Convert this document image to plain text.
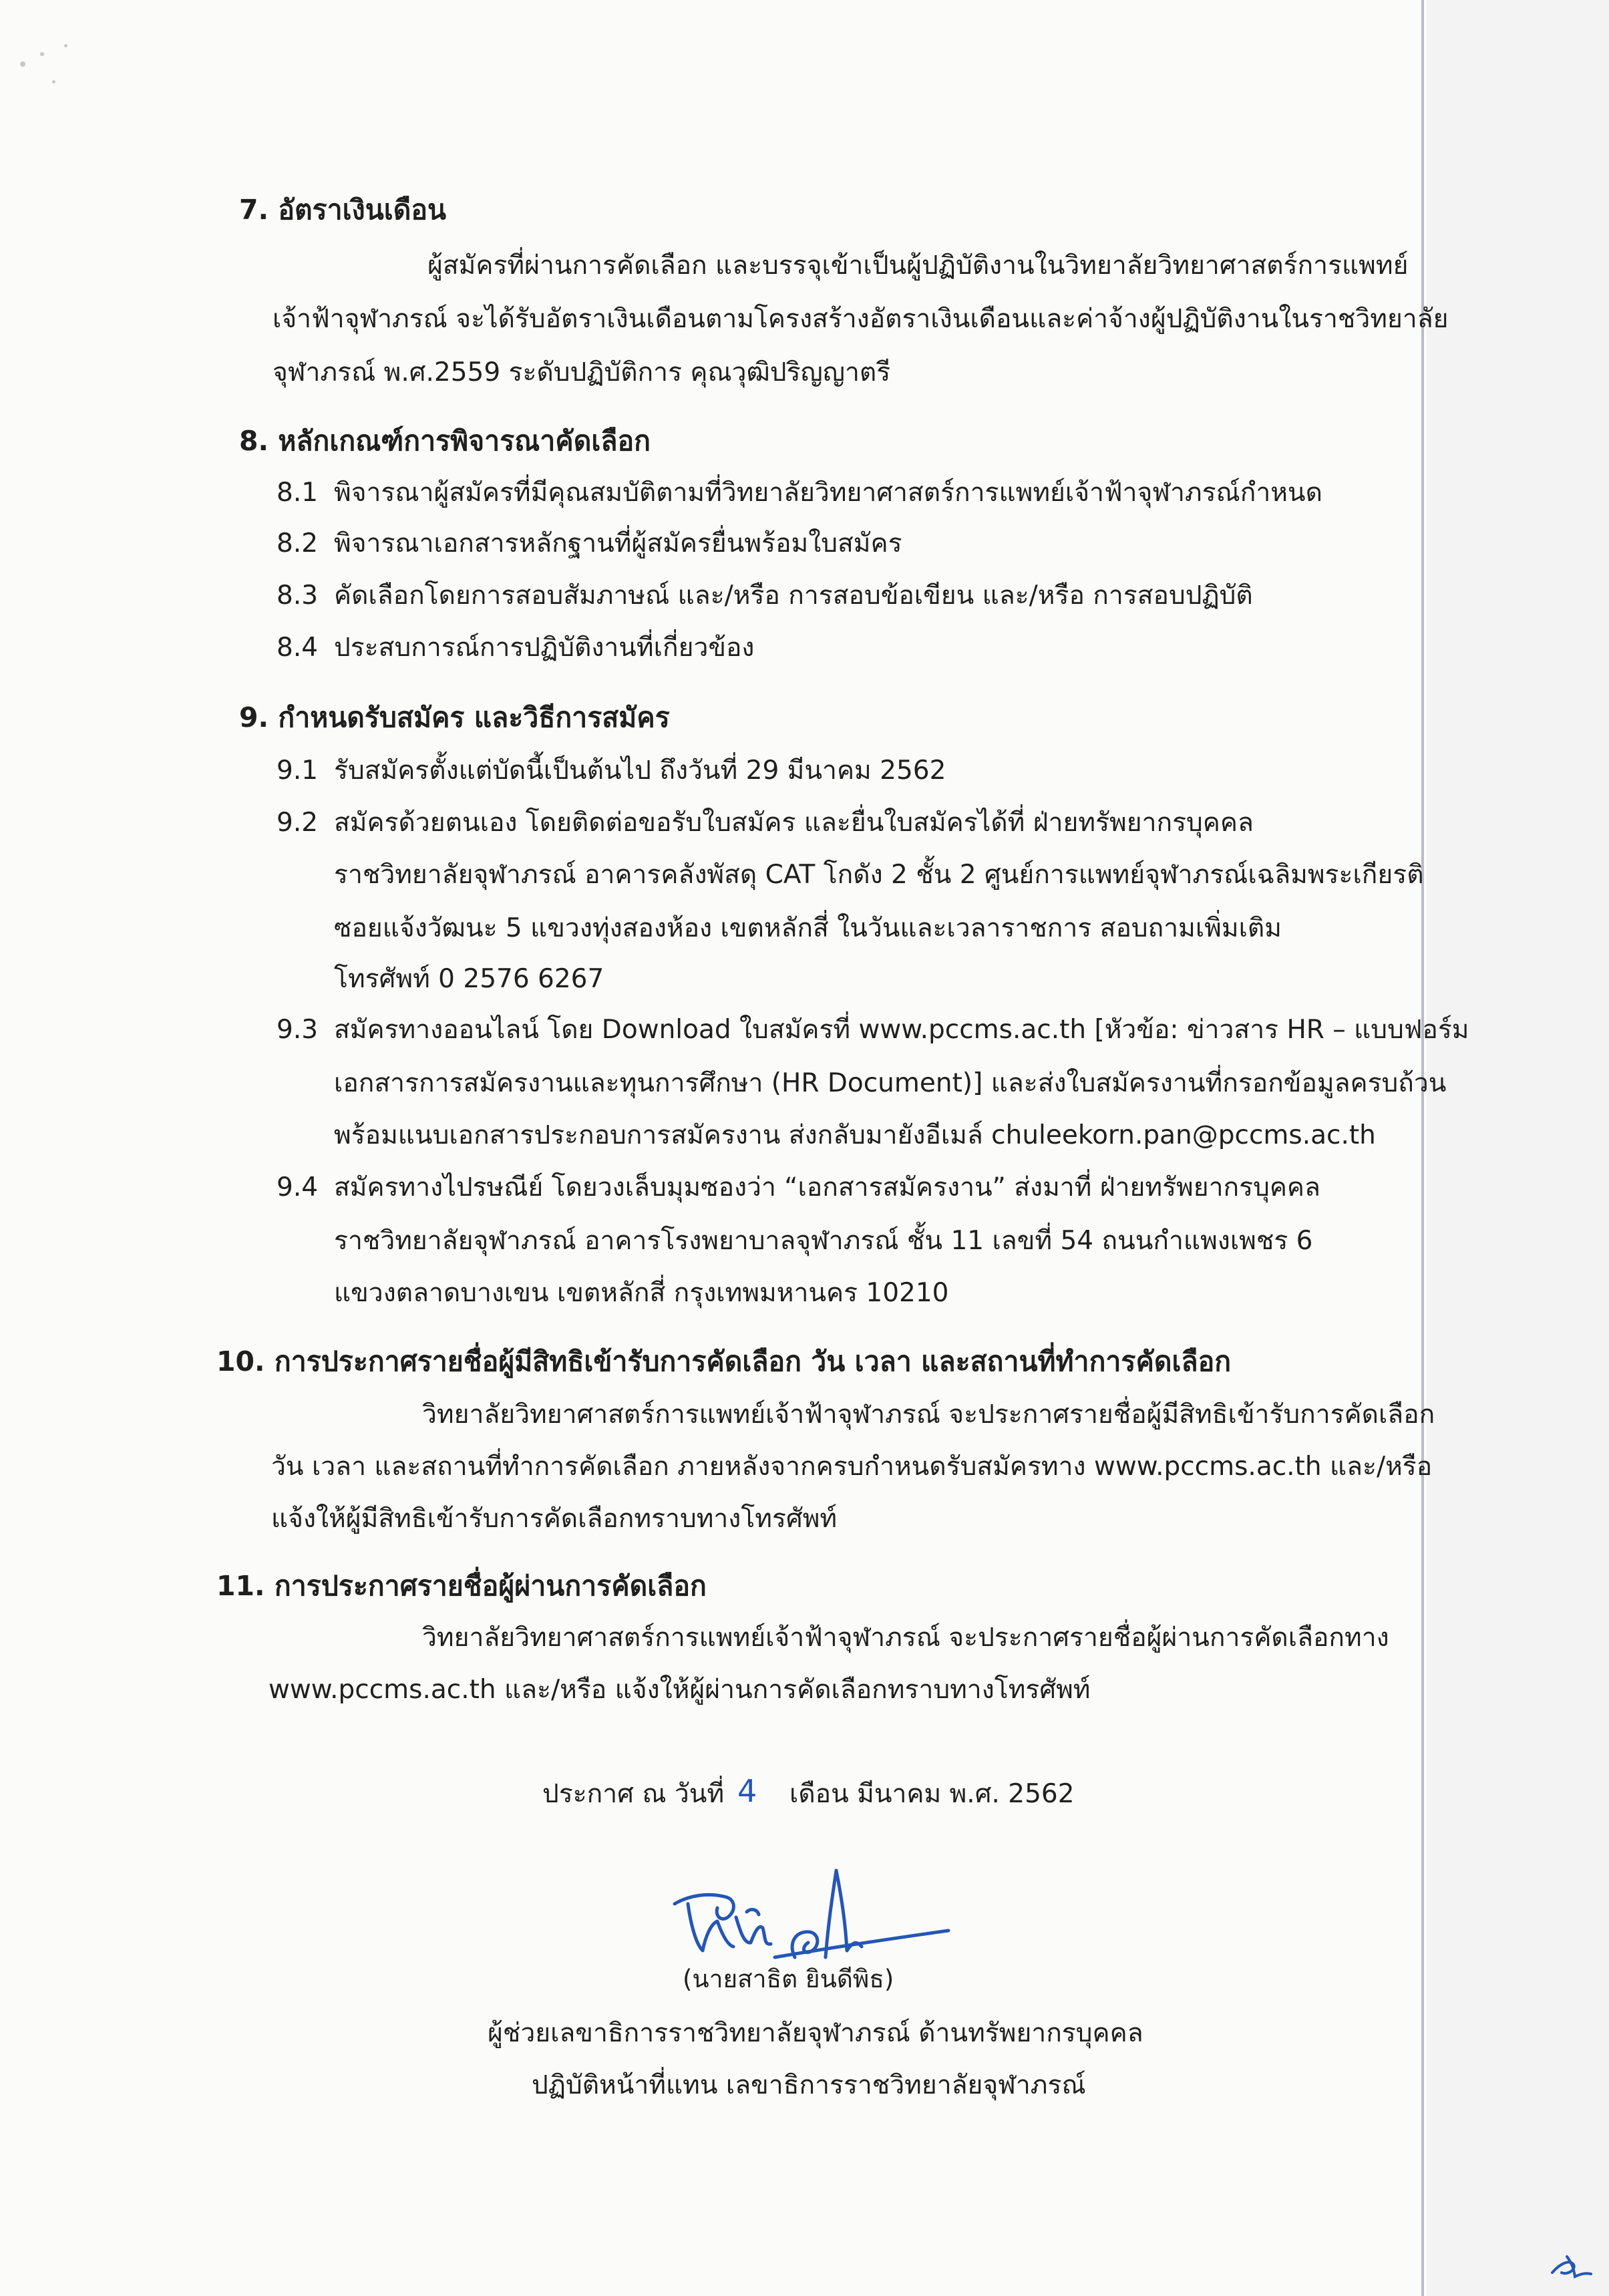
7. อัตราเงินเดือน
ผู้สมัครที่ผ่านการคัดเลือก และบรรจุเข้าเป็นผู้ปฏิบัติงานในวิทยาลัยวิทยาศาสตร์การแพทย์
เจ้าฟ้าจุฬาภรณ์ จะได้รับอัตราเงินเดือนตามโครงสร้างอัตราเงินเดือนและค่าจ้างผู้ปฏิบัติงานในราชวิทยาลัย
จุฬาภรณ์ พ.ศ.2559 ระดับปฏิบัติการ คุณวุฒิปริญญาตรี
8. หลักเกณฑ์การพิจารณาคัดเลือก
8.1 พิจารณาผู้สมัครที่มีคุณสมบัติตามที่วิทยาลัยวิทยาศาสตร์การแพทย์เจ้าฟ้าจุฬาภรณ์กำหนด
8.2 พิจารณาเอกสารหลักฐานที่ผู้สมัครยื่นพร้อมใบสมัคร
8.3 คัดเลือกโดยการสอบสัมภาษณ์ และ/หรือ การสอบข้อเขียน และ/หรือ การสอบปฏิบัติ
8.4 ประสบการณ์การปฏิบัติงานที่เกี่ยวข้อง
9. กำหนดรับสมัคร และวิธีการสมัคร
9.1 รับสมัครตั้งแต่บัดนี้เป็นต้นไป ถึงวันที่ 29 มีนาคม 2562
9.2 สมัครด้วยตนเอง โดยติดต่อขอรับใบสมัคร และยื่นใบสมัครได้ที่ ฝ่ายทรัพยากรบุคคล
ราชวิทยาลัยจุฬาภรณ์ อาคารคลังพัสดุ CAT โกดัง 2 ชั้น 2 ศูนย์การแพทย์จุฬาภรณ์เฉลิมพระเกียรติ
ซอยแจ้งวัฒนะ 5 แขวงทุ่งสองห้อง เขตหลักสี่ ในวันและเวลาราชการ สอบถามเพิ่มเติม
โทรศัพท์ 0 2576 6267
9.3 สมัครทางออนไลน์ โดย Download ใบสมัครที่ www.pccms.ac.th [หัวข้อ: ข่าวสาร HR – แบบฟอร์ม
เอกสารการสมัครงานและทุนการศึกษา (HR Document)] และส่งใบสมัครงานที่กรอกข้อมูลครบถ้วน
พร้อมแนบเอกสารประกอบการสมัครงาน ส่งกลับมายังอีเมล์ chuleekorn.pan@pccms.ac.th
9.4 สมัครทางไปรษณีย์ โดยวงเล็บมุมซองว่า “เอกสารสมัครงาน” ส่งมาที่ ฝ่ายทรัพยากรบุคคล
ราชวิทยาลัยจุฬาภรณ์ อาคารโรงพยาบาลจุฬาภรณ์ ชั้น 11 เลขที่ 54 ถนนกำแพงเพชร 6
แขวงตลาดบางเขน เขตหลักสี่ กรุงเทพมหานคร 10210
10. การประกาศรายชื่อผู้มีสิทธิเข้ารับการคัดเลือก วัน เวลา และสถานที่ทำการคัดเลือก
วิทยาลัยวิทยาศาสตร์การแพทย์เจ้าฟ้าจุฬาภรณ์ จะประกาศรายชื่อผู้มีสิทธิเข้ารับการคัดเลือก
วัน เวลา และสถานที่ทำการคัดเลือก ภายหลังจากครบกำหนดรับสมัครทาง www.pccms.ac.th และ/หรือ
แจ้งให้ผู้มีสิทธิเข้ารับการคัดเลือกทราบทางโทรศัพท์
11. การประกาศรายชื่อผู้ผ่านการคัดเลือก
วิทยาลัยวิทยาศาสตร์การแพทย์เจ้าฟ้าจุฬาภรณ์ จะประกาศรายชื่อผู้ผ่านการคัดเลือกทาง
www.pccms.ac.th และ/หรือ แจ้งให้ผู้ผ่านการคัดเลือกทราบทางโทรศัพท์
ประกาศ ณ วันที่ 4 เดือน มีนาคม พ.ศ. 2562
(นายสาธิต ยินดีพิธ)
ผู้ช่วยเลขาธิการราชวิทยาลัยจุฬาภรณ์ ด้านทรัพยากรบุคคล
ปฏิบัติหน้าที่แทน เลขาธิการราชวิทยาลัยจุฬาภรณ์
